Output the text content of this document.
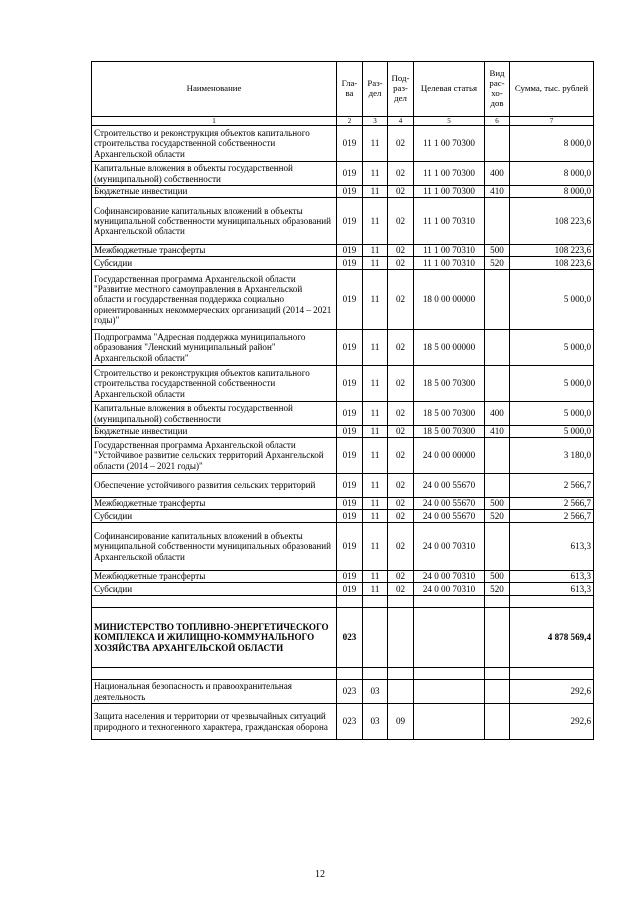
Наименование	Гла-ва	Раз-дел	Под-раз-дел	Целевая статья	Вид рас-хо-дов	Сумма, тыс. рублей
1	2	3	4	5	6	7
Строительство и реконструкция объектов капитального строительства государственной собственности Архангельской области	019	11	02	11 1 00 70300		8 000,0
Капитальные вложения в объекты государственной (муниципальной) собственности	019	11	02	11 1 00 70300	400	8 000,0
Бюджетные инвестиции	019	11	02	11 1 00 70300	410	8 000,0
Софинансирование капитальных вложений в объекты муниципальной собственности муниципальных образований Архангельской области	019	11	02	11 1 00 70310		108 223,6
Межбюджетные трансферты	019	11	02	11 1 00 70310	500	108 223,6
Субсидии	019	11	02	11 1 00 70310	520	108 223,6
Государственная программа Архангельской области "Развитие местного самоуправления в Архангельской области и государственная поддержка социально ориентированных некоммерческих организаций (2014 – 2021 годы)"	019	11	02	18 0 00 00000		5 000,0
Подпрограмма "Адресная поддержка муниципального образования "Ленский муниципальный район" Архангельской области"	019	11	02	18 5 00 00000		5 000,0
Строительство и реконструкция объектов капитального строительства государственной собственности Архангельской области	019	11	02	18 5 00 70300		5 000,0
Капитальные вложения в объекты государственной (муниципальной) собственности	019	11	02	18 5 00 70300	400	5 000,0
Бюджетные инвестиции	019	11	02	18 5 00 70300	410	5 000,0
Государственная программа Архангельской области "Устойчивое развитие сельских территорий Архангельской области (2014 – 2021 годы)"	019	11	02	24 0 00 00000		3 180,0
Обеспечение устойчивого развития сельских территорий	019	11	02	24 0 00 55670		2 566,7
Межбюджетные трансферты	019	11	02	24 0 00 55670	500	2 566,7
Субсидии	019	11	02	24 0 00 55670	520	2 566,7
Софинансирование капитальных вложений в объекты муниципальной собственности муниципальных образований Архангельской области	019	11	02	24 0 00 70310		613,3
Межбюджетные трансферты	019	11	02	24 0 00 70310	500	613,3
Субсидии	019	11	02	24 0 00 70310	520	613,3

МИНИСТЕРСТВО ТОПЛИВНО-ЭНЕРГЕТИЧЕСКОГО КОМПЛЕКСА И ЖИЛИЩНО-КОММУНАЛЬНОГО ХОЗЯЙСТВА АРХАНГЕЛЬСКОЙ ОБЛАСТИ	023					4 878 569,4

Национальная безопасность и правоохранительная деятельность	023	03				292,6
Защита населения и территории от чрезвычайных ситуаций природного и техногенного характера, гражданская оборона	023	03	09			292,6
12
